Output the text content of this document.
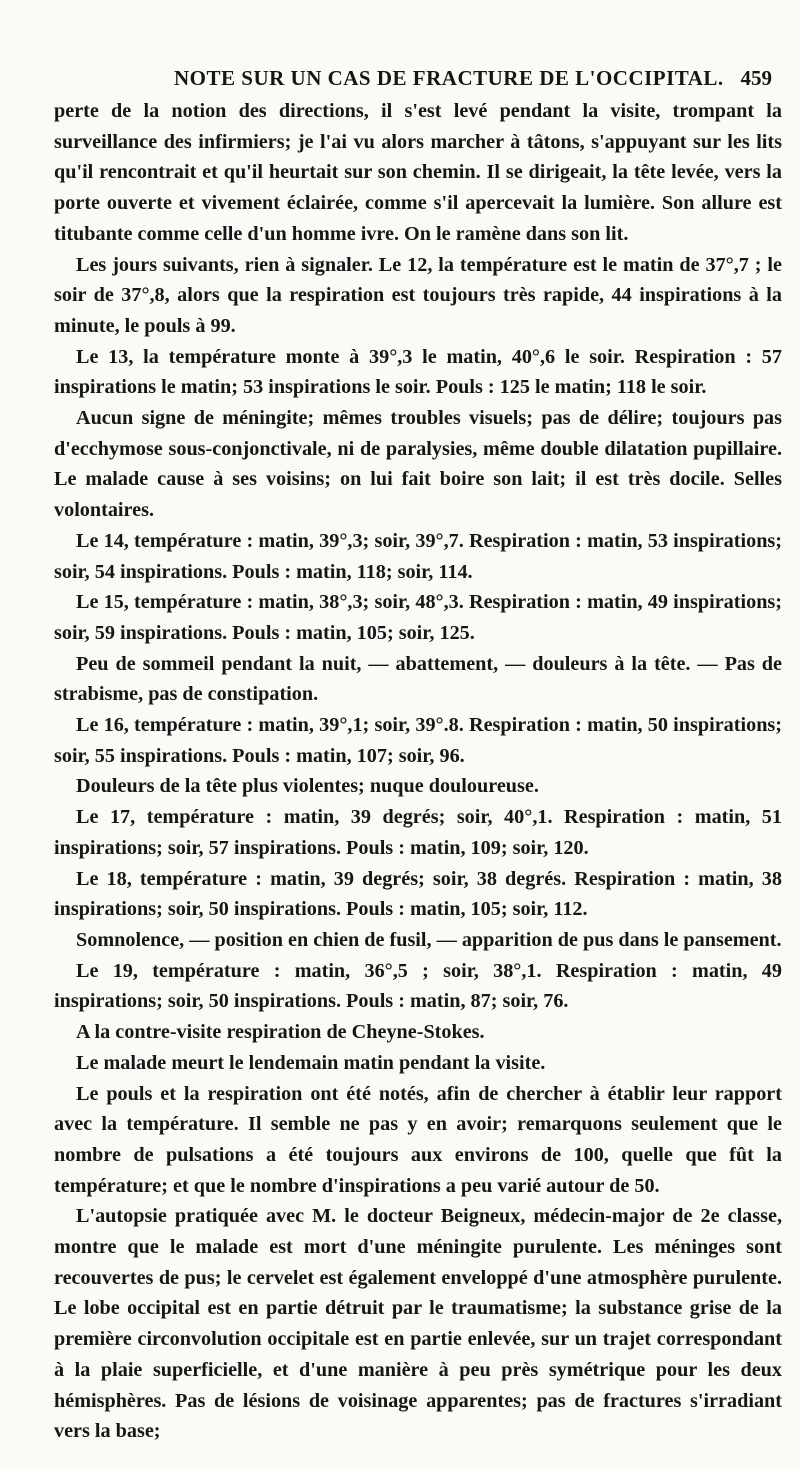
NOTE SUR UN CAS DE FRACTURE DE L'OCCIPITAL. 459

perte de la notion des directions, il s'est levé pendant la visite, trompant la surveillance des infirmiers; je l'ai vu alors marcher à tâtons, s'appuyant sur les lits qu'il rencontrait et qu'il heurtait sur son chemin. Il se dirigeait, la tête levée, vers la porte ouverte et vivement éclairée, comme s'il apercevait la lumière. Son allure est titubante comme celle d'un homme ivre. On le ramène dans son lit.

Les jours suivants, rien à signaler. Le 12, la température est le matin de 37°,7 ; le soir de 37°,8, alors que la respiration est toujours très rapide, 44 inspirations à la minute, le pouls à 99.

Le 13, la température monte à 39°,3 le matin, 40°,6 le soir. Respiration : 57 inspirations le matin; 53 inspirations le soir. Pouls : 125 le matin; 118 le soir.

Aucun signe de méningite; mêmes troubles visuels; pas de délire; toujours pas d'ecchymose sous-conjonctivale, ni de paralysies, même double dilatation pupillaire. Le malade cause à ses voisins; on lui fait boire son lait; il est très docile. Selles volontaires.

Le 14, température : matin, 39°,3; soir, 39°,7. Respiration : matin, 53 inspirations; soir, 54 inspirations. Pouls : matin, 118; soir, 114.

Le 15, température : matin, 38°,3; soir, 48°,3. Respiration : matin, 49 inspirations; soir, 59 inspirations. Pouls : matin, 105; soir, 125.

Peu de sommeil pendant la nuit, — abattement, — douleurs à la tête. — Pas de strabisme, pas de constipation.

Le 16, température : matin, 39°,1; soir, 39°.8. Respiration : matin, 50 inspirations; soir, 55 inspirations. Pouls : matin, 107; soir, 96.

Douleurs de la tête plus violentes; nuque douloureuse.

Le 17, température : matin, 39 degrés; soir, 40°,1. Respiration : matin, 51 inspirations; soir, 57 inspirations. Pouls : matin, 109; soir, 120.

Le 18, température : matin, 39 degrés; soir, 38 degrés. Respiration : matin, 38 inspirations; soir, 50 inspirations. Pouls : matin, 105; soir, 112.

Somnolence, — position en chien de fusil, — apparition de pus dans le pansement.

Le 19, température : matin, 36°,5 ; soir, 38°,1. Respiration : matin, 49 inspirations; soir, 50 inspirations. Pouls : matin, 87; soir, 76.

A la contre-visite respiration de Cheyne-Stokes.

Le malade meurt le lendemain matin pendant la visite.

Le pouls et la respiration ont été notés, afin de chercher à établir leur rapport avec la température. Il semble ne pas y en avoir; remarquons seulement que le nombre de pulsations a été toujours aux environs de 100, quelle que fût la température; et que le nombre d'inspirations a peu varié autour de 50.

L'autopsie pratiquée avec M. le docteur Beigneux, médecin-major de 2e classe, montre que le malade est mort d'une méningite purulente. Les méninges sont recouvertes de pus; le cervelet est également enveloppé d'une atmosphère purulente. Le lobe occipital est en partie détruit par le traumatisme; la substance grise de la première circonvolution occipitale est en partie enlevée, sur un trajet correspondant à la plaie superficielle, et d'une manière à peu près symétrique pour les deux hémisphères. Pas de lésions de voisinage apparentes; pas de fractures s'irradiant vers la base;
